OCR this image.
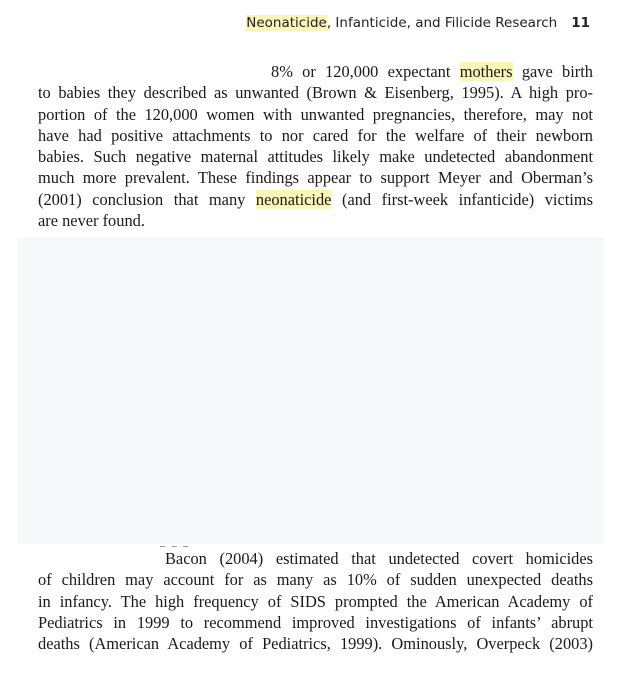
Neonaticide, Infanticide, and Filicide Research 11
8% or 120,000 expectant mothers gave birth
to babies they described as unwanted (Brown & Eisenberg, 1995). A high pro-
portion of the 120,000 women with unwanted pregnancies, therefore, may not
have had positive attachments to nor cared for the welfare of their newborn
babies. Such negative maternal attitudes likely make undetected abandonment
much more prevalent. These findings appear to support Meyer and Oberman’s
(2001) conclusion that many neonaticide (and first-week infanticide) victims
are never found.
– – –
Bacon (2004) estimated that undetected covert homicides
of children may account for as many as 10% of sudden unexpected deaths
in infancy. The high frequency of SIDS prompted the American Academy of
Pediatrics in 1999 to recommend improved investigations of infants’ abrupt
deaths (American Academy of Pediatrics, 1999). Ominously, Overpeck (2003)
